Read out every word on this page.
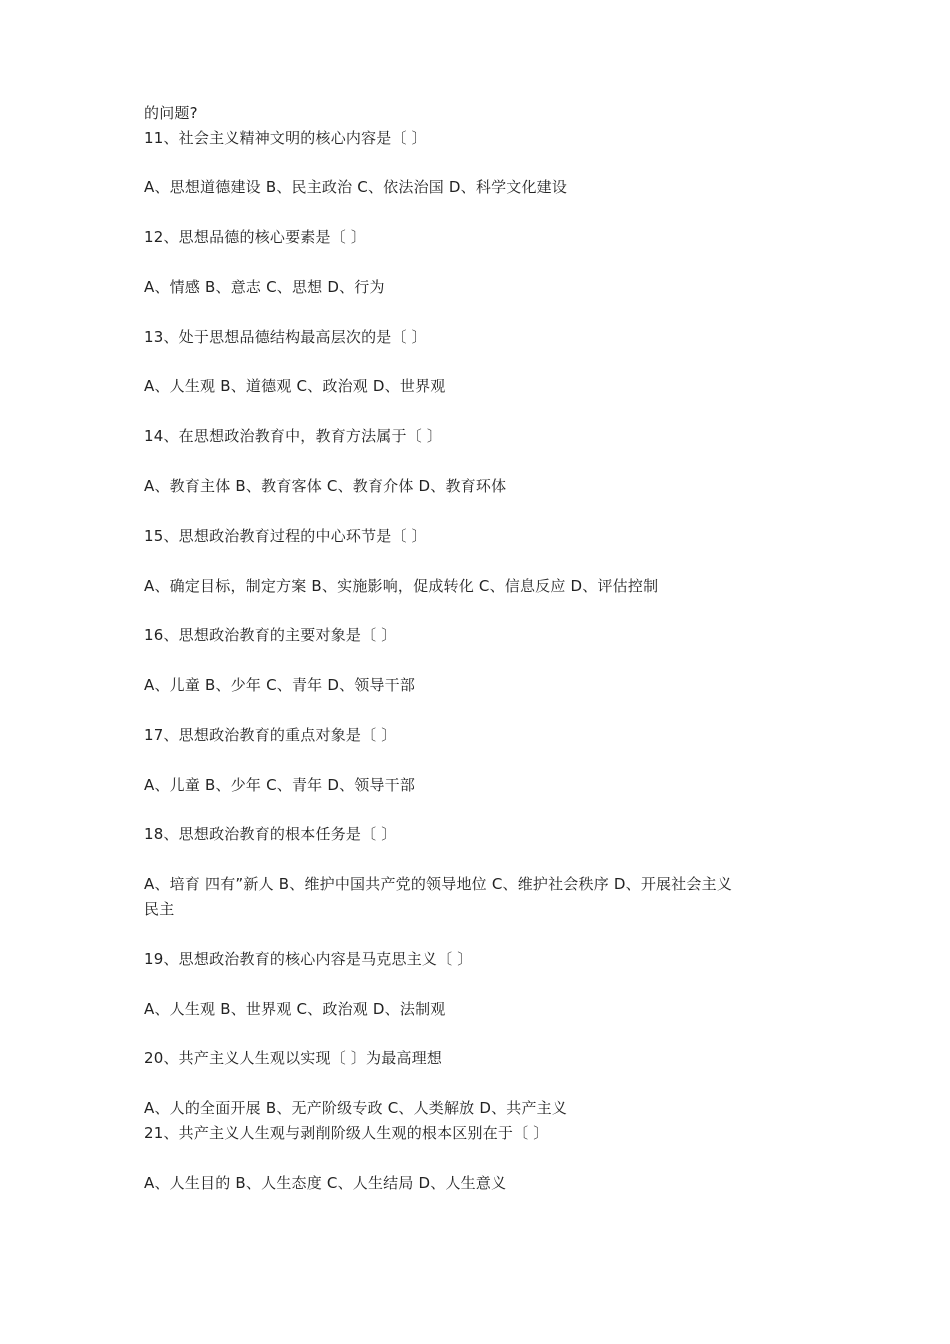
的问题?
11、社会主义精神文明的核心内容是〔 〕
A、思想道德建设 B、民主政治 C、依法治国 D、科学文化建设
12、思想品德的核心要素是〔 〕
A、情感 B、意志 C、思想 D、行为
13、处于思想品德结构最高层次的是〔 〕
A、人生观 B、道德观 C、政治观 D、世界观
14、在思想政治教育中，教育方法属于〔 〕
A、教育主体 B、教育客体 C、教育介体 D、教育环体
15、思想政治教育过程的中心环节是〔 〕
A、确定目标，制定方案 B、实施影响，促成转化 C、信息反应 D、评估控制
16、思想政治教育的主要对象是〔 〕
A、儿童 B、少年 C、青年 D、领导干部
17、思想政治教育的重点对象是〔 〕
A、儿童 B、少年 C、青年 D、领导干部
18、思想政治教育的根本任务是〔 〕
A、培育 四有”新人 B、维护中国共产党的领导地位 C、维护社会秩序 D、开展社会主义
民主
19、思想政治教育的核心内容是马克思主义〔 〕
A、人生观 B、世界观 C、政治观 D、法制观
20、共产主义人生观以实现〔 〕为最高理想
A、人的全面开展 B、无产阶级专政 C、人类解放 D、共产主义
21、共产主义人生观与剥削阶级人生观的根本区别在于〔 〕
A、人生目的 B、人生态度 C、人生结局 D、人生意义
